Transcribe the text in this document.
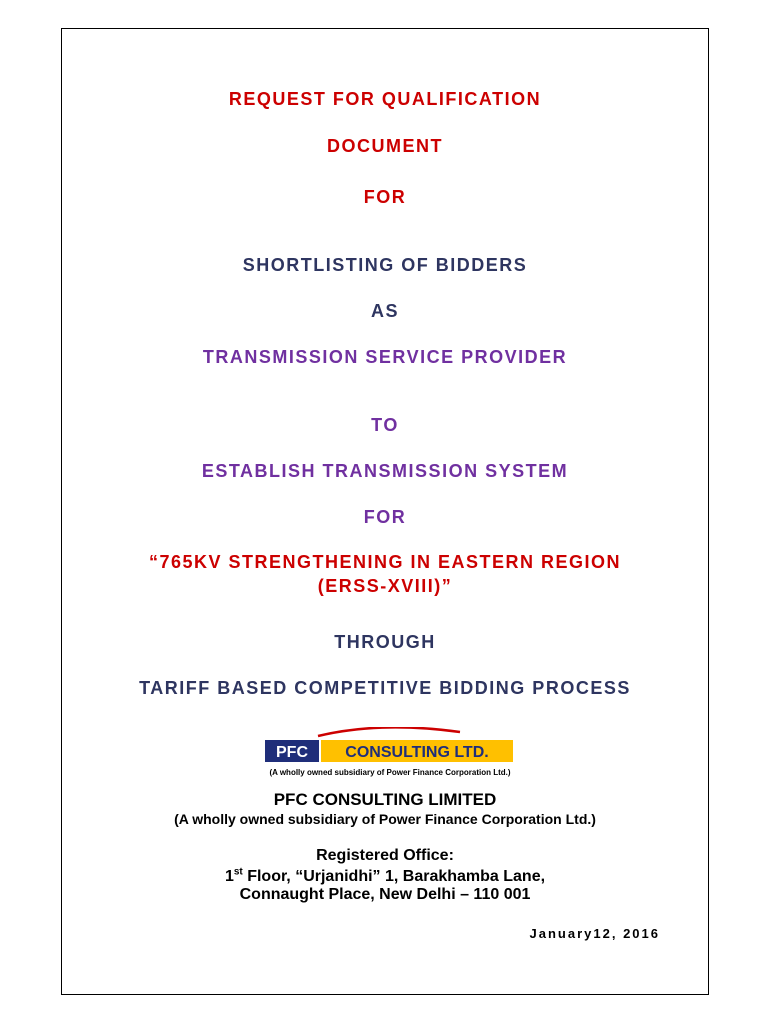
REQUEST FOR QUALIFICATION
DOCUMENT
FOR
SHORTLISTING OF BIDDERS
AS
TRANSMISSION SERVICE PROVIDER
TO
ESTABLISH TRANSMISSION SYSTEM
FOR
“765KV STRENGTHENING IN EASTERN REGION
(ERSS-XVIII)”
THROUGH
TARIFF BASED COMPETITIVE BIDDING PROCESS
PFC CONSULTING LTD.
(A wholly owned subsidiary of Power Finance Corporation Ltd.)
PFC CONSULTING LIMITED
(A wholly owned subsidiary of Power Finance Corporation Ltd.)
Registered Office:
1st Floor, “Urjanidhi” 1, Barakhamba Lane,
Connaught Place, New Delhi – 110 001
January12, 2016
